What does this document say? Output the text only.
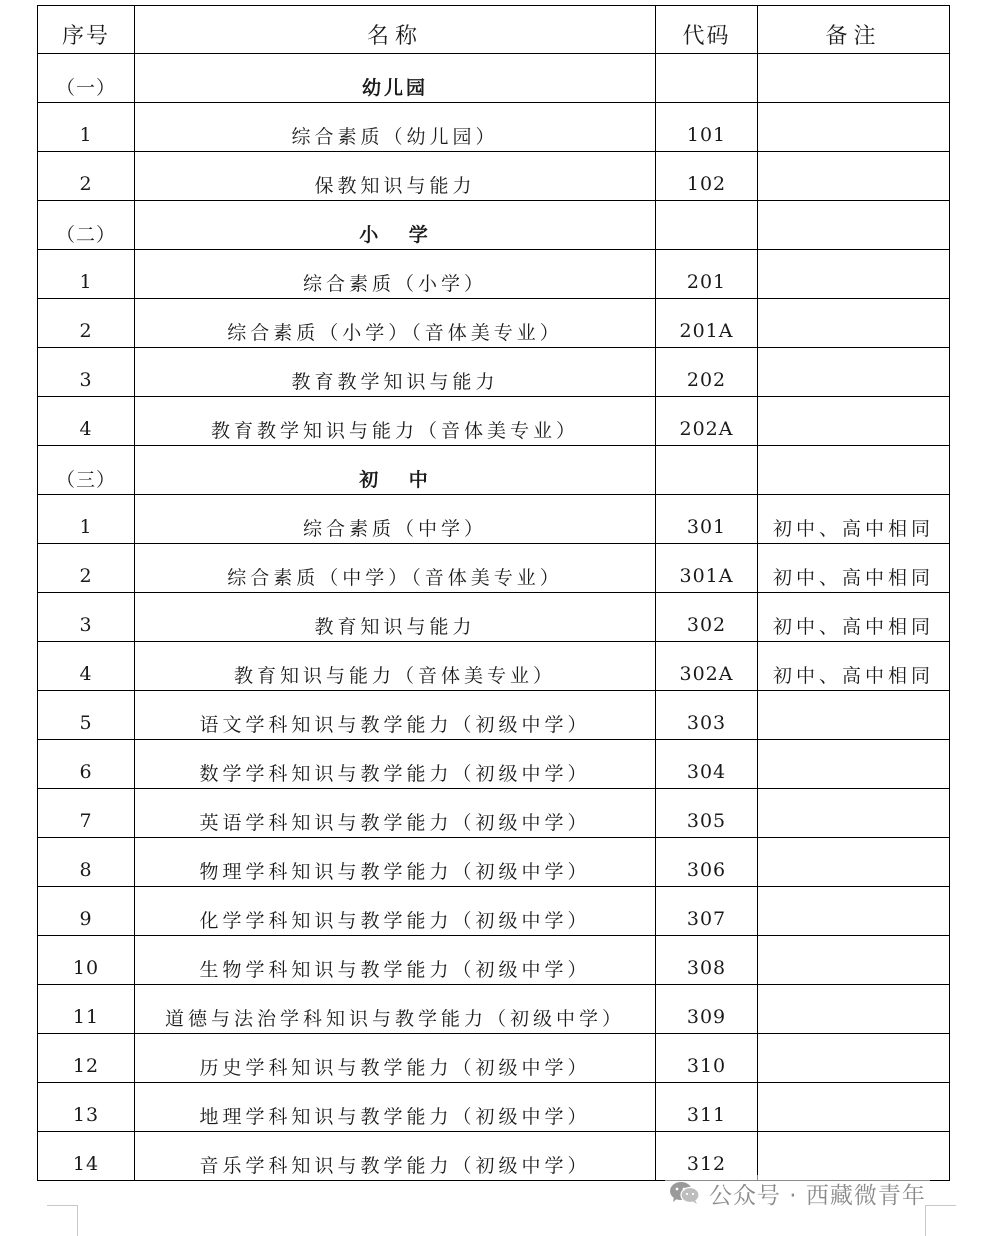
序号	名称	代码	备注
（一）	幼儿园		
1	综合素质（幼儿园）	101	
2	保教知识与能力	102	
（二）	小 学		
1	综合素质（小学）	201	
2	综合素质（小学）（音体美专业）	201A	
3	教育教学知识与能力	202	
4	教育教学知识与能力（音体美专业）	202A	
（三）	初 中		
1	综合素质（中学）	301	初中、高中相同
2	综合素质（中学）（音体美专业）	301A	初中、高中相同
3	教育知识与能力	302	初中、高中相同
4	教育知识与能力（音体美专业）	302A	初中、高中相同
5	语文学科知识与教学能力（初级中学）	303	
6	数学学科知识与教学能力（初级中学）	304	
7	英语学科知识与教学能力（初级中学）	305	
8	物理学科知识与教学能力（初级中学）	306	
9	化学学科知识与教学能力（初级中学）	307	
10	生物学科知识与教学能力（初级中学）	308	
11	道德与法治学科知识与教学能力（初级中学）	309	
12	历史学科知识与教学能力（初级中学）	310	
13	地理学科知识与教学能力（初级中学）	311	
14	音乐学科知识与教学能力（初级中学）	312	
公众号 · 西藏微青年
